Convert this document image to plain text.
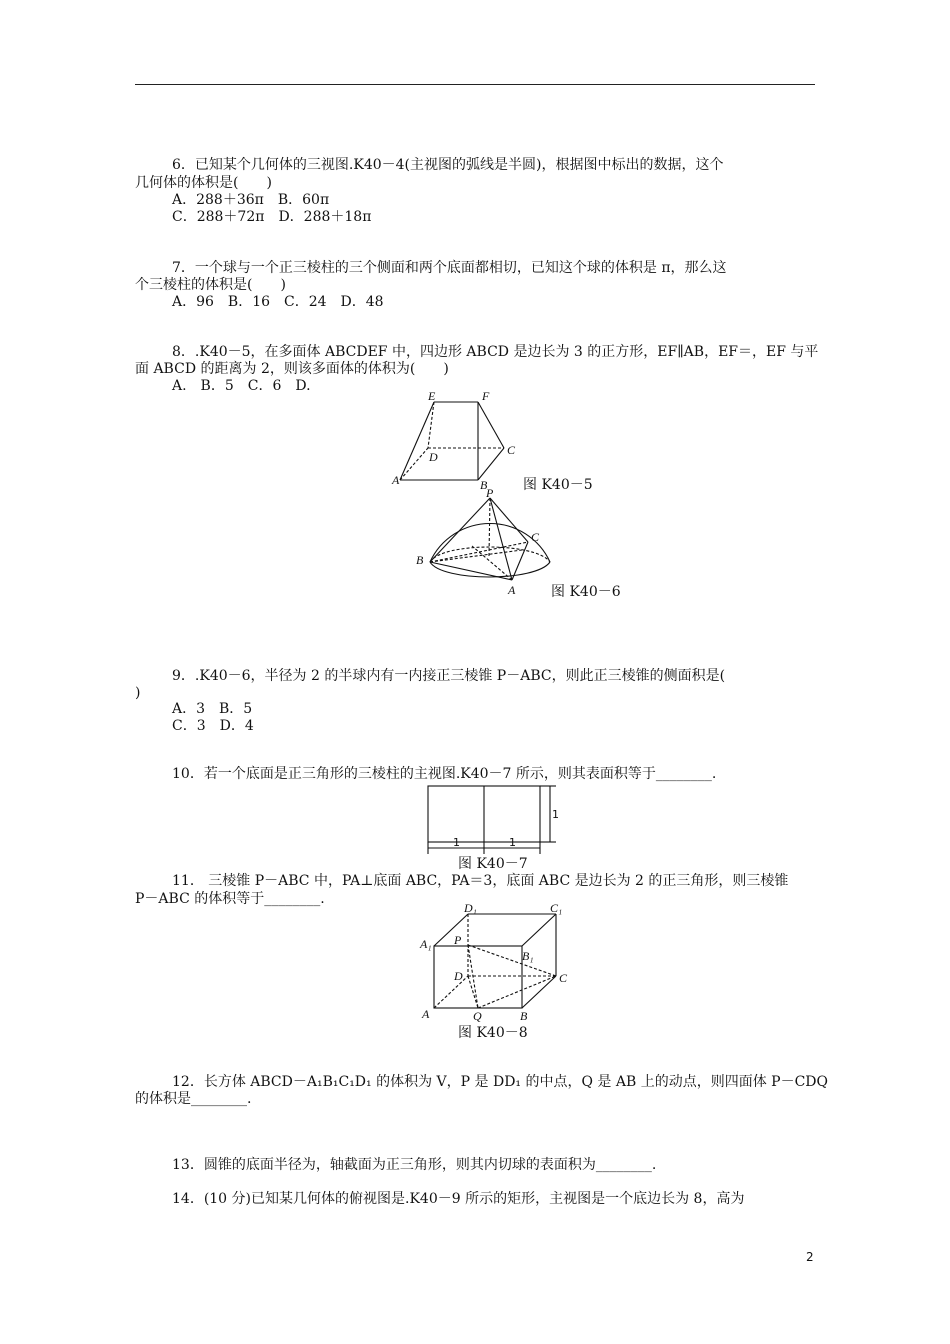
6．已知某个几何体的三视图.K40－4(主视图的弧线是半圆)，根据图中标出的数据，这个
几何体的体积是(　　)
A．288＋36π　B．60π
C．288＋72π　D．288＋18π
7．一个球与一个正三棱柱的三个侧面和两个底面都相切，已知这个球的体积是 π，那么这
个三棱柱的体积是(　　)
A．96　B．16　C．24　D．48
8．.K40－5，在多面体 ABCDEF 中，四边形 ABCD 是边长为 3 的正方形，EF∥AB，EF＝，EF 与平
面 ABCD 的距离为 2，则该多面体的体积为(　　)
A.　B．5　C．6　D.
E	F
D	C
A	B	图 K40－5
P
B
C
A	图 K40－6
9．.K40－6，半径为 2 的半球内有一内接正三棱锥 P－ABC，则此正三棱锥的侧面积是(
)
A．3　B．5
C．3　D．4
10．若一个底面是正三角形的三棱柱的主视图.K40－7 所示，则其表面积等于________.
1	1
1
图 K40－7
11． 三棱锥 P－ABC 中，PA⊥底面 ABC，PA＝3，底面 ABC 是边长为 2 的正三角形，则三棱锥
P－ABC 的体积等于________.
D₁	C₁
A₁ P
B₁
D	C
A	Q	B
图 K40－8
12．长方体 ABCD－A₁B₁C₁D₁ 的体积为 V，P 是 DD₁ 的中点，Q 是 AB 上的动点，则四面体 P－CDQ
的体积是________.
13．圆锥的底面半径为，轴截面为正三角形，则其内切球的表面积为________.
14．(10 分)已知某几何体的俯视图是.K40－9 所示的矩形，主视图是一个底边长为 8，高为
2
